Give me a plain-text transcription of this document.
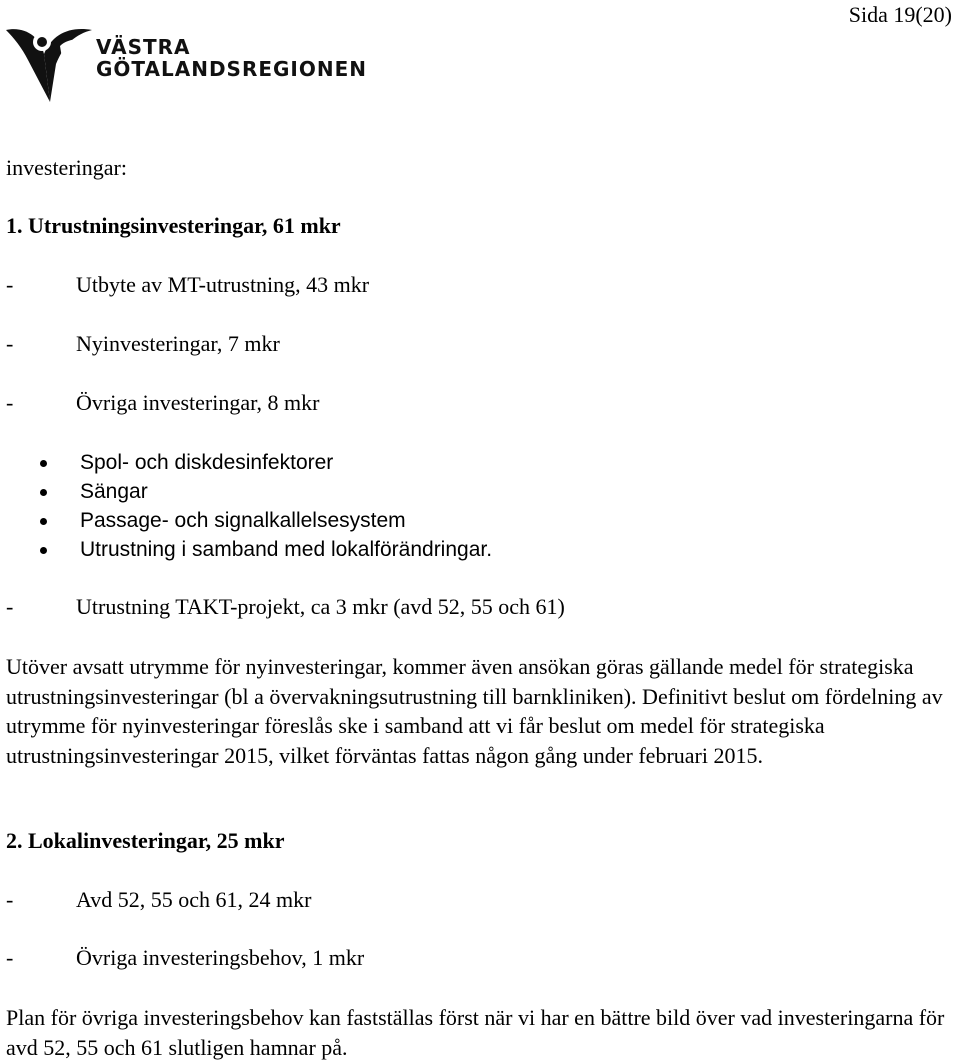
Sida 19(20)
VÄSTRA
GÖTALANDSREGIONEN
investeringar:
1. Utrustningsinvesteringar, 61 mkr
-	Utbyte av MT-utrustning, 43 mkr
-	Nyinvesteringar, 7 mkr
-	Övriga investeringar, 8 mkr
Spol- och diskdesinfektorer
Sängar
Passage- och signalkallelsesystem
Utrustning i samband med lokalförändringar.
-	Utrustning TAKT-projekt, ca 3 mkr (avd 52, 55 och 61)
Utöver avsatt utrymme för nyinvesteringar, kommer även ansökan göras gällande medel för strategiska utrustningsinvesteringar (bl a övervakningsutrustning till barnkliniken). Definitivt beslut om fördelning av utrymme för nyinvesteringar föreslås ske i samband att vi får beslut om medel för strategiska utrustningsinvesteringar 2015, vilket förväntas fattas någon gång under februari 2015.
2. Lokalinvesteringar, 25 mkr
-	Avd 52, 55 och 61, 24 mkr
-	Övriga investeringsbehov, 1 mkr
Plan för övriga investeringsbehov kan fastställas först när vi har en bättre bild över vad investeringarna för avd 52, 55 och 61 slutligen hamnar på.
